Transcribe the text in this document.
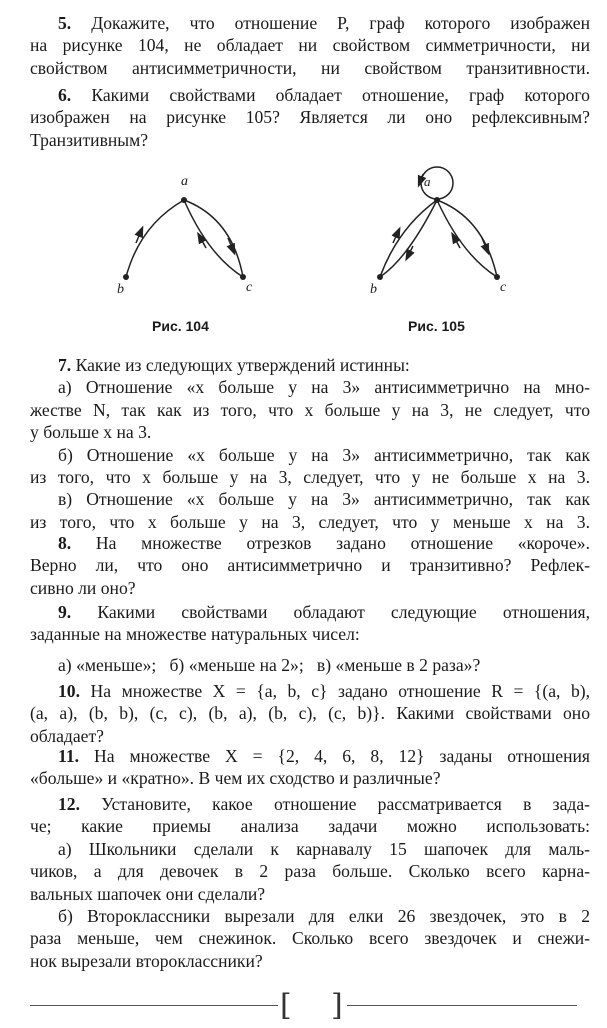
5. Докажите, что отношение P, граф которого изображен
на рисунке 104, не обладает ни свойством симметричности, ни
свойством антисимметричности, ни свойством транзитивности.
6. Какими свойствами обладает отношение, граф которого
изображен на рисунке 105? Является ли оно рефлексивным?
Транзитивным?
a
b	c
Рис. 104
a
b	c
Рис. 105
7. Какие из следующих утверждений истинны:
а) Отношение «x больше y на 3» антисимметрично на мно-
жестве N, так как из того, что x больше y на 3, не следует, что
y больше x на 3.
б) Отношение «x больше y на 3» антисимметрично, так как
из того, что x больше y на 3, следует, что y не больше x на 3.
в) Отношение «x больше y на 3» антисимметрично, так как
из того, что x больше y на 3, следует, что y меньше x на 3.
8. На множестве отрезков задано отношение «короче».
Верно ли, что оно антисимметрично и транзитивно? Рефлек-
сивно ли оно?
9. Какими свойствами обладают следующие отношения,
заданные на множестве натуральных чисел:
а) «меньше»;   б) «меньше на 2»;   в) «меньше в 2 раза»?
10. На множестве X = {a, b, c} задано отношение R = {(a, b),
(a, a), (b, b), (c, c), (b, a), (b, c), (c, b)}. Какими свойствами оно
обладает?
11. На множестве X = {2, 4, 6, 8, 12} заданы отношения
«больше» и «кратно». В чем их сходство и различные?
12. Установите, какое отношение рассматривается в зада-
че; какие приемы анализа задачи можно использовать:
а) Школьники сделали к карнавалу 15 шапочек для маль-
чиков, а для девочек в 2 раза больше. Сколько всего карна-
вальных шапочек они сделали?
б) Второклассники вырезали для елки 26 звездочек, это в 2
раза меньше, чем снежинок. Сколько всего звездочек и снежи-
нок вырезали второклассники?
[ ]
